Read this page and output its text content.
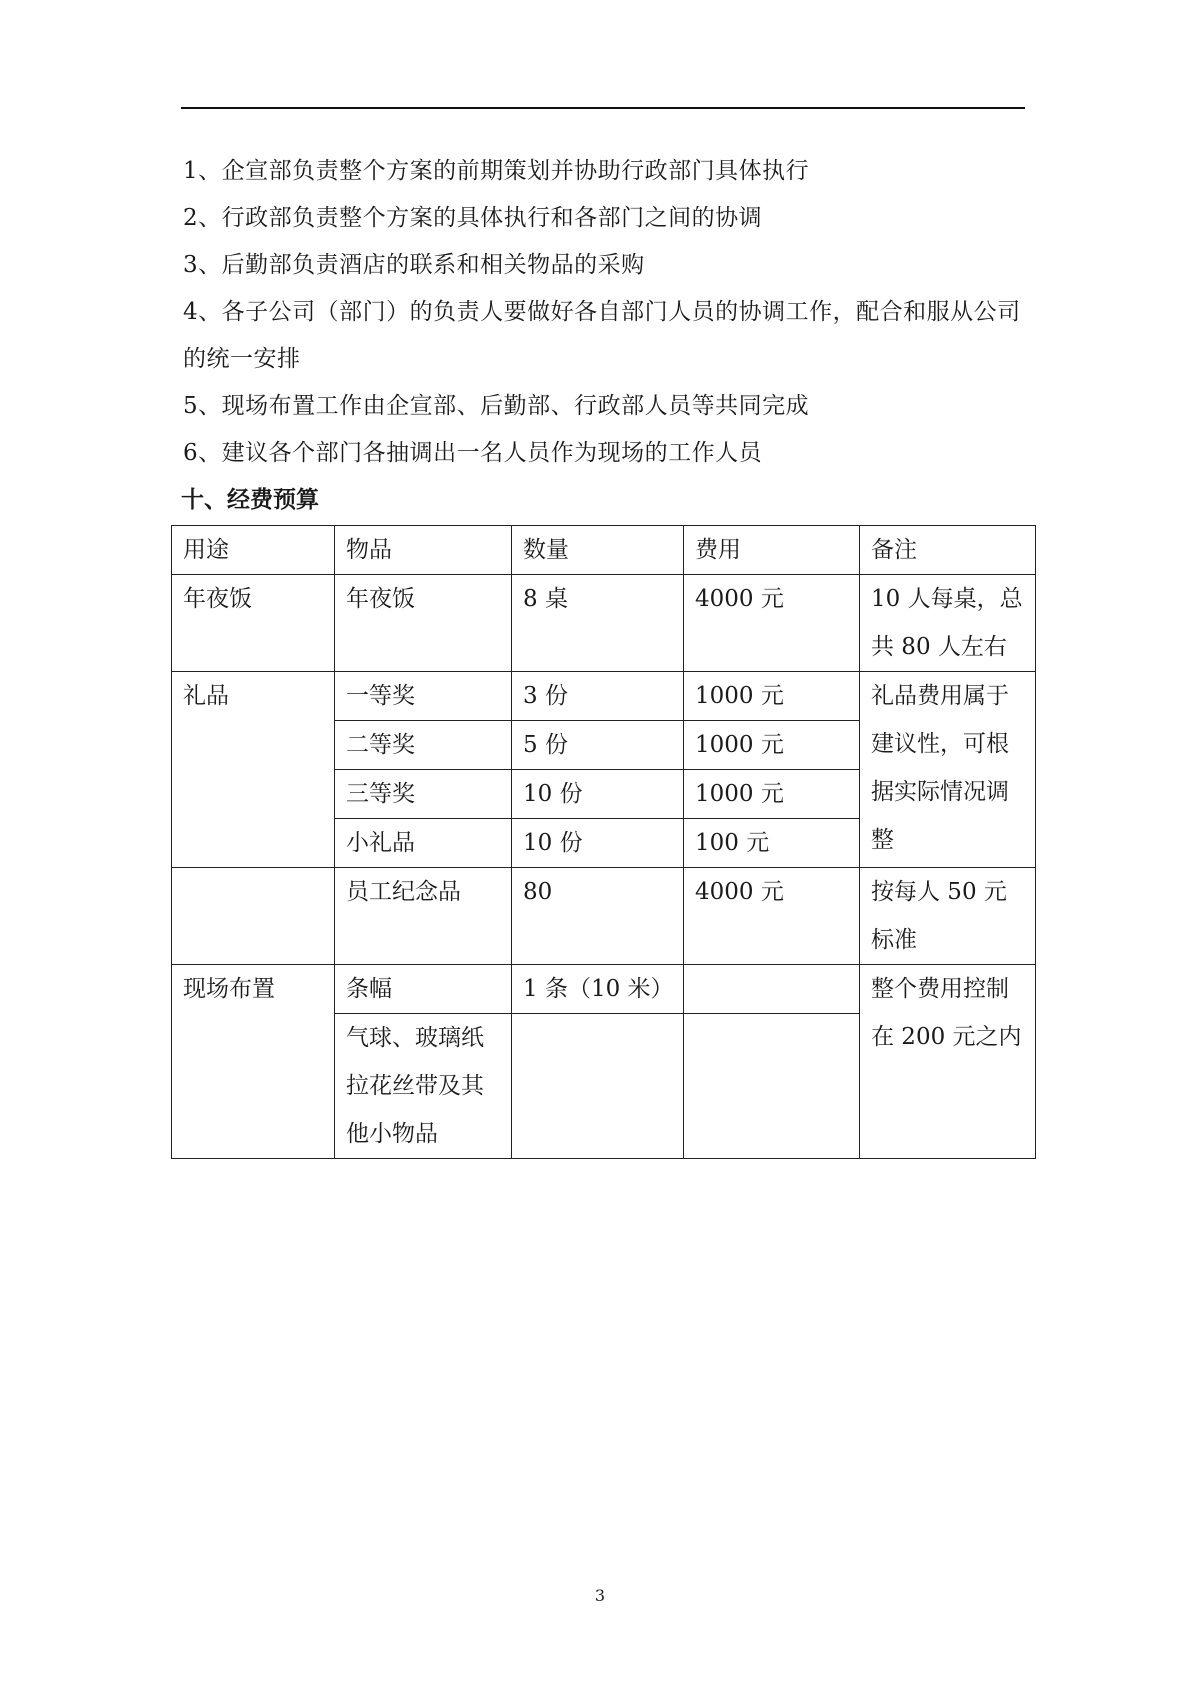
1、企宣部负责整个方案的前期策划并协助行政部门具体执行

2、行政部负责整个方案的具体执行和各部门之间的协调

3、后勤部负责酒店的联系和相关物品的采购

4、各子公司（部门）的负责人要做好各自部门人员的协调工作，配合和服从公司的统一安排

5、现场布置工作由企宣部、后勤部、行政部人员等共同完成

6、建议各个部门各抽调出一名人员作为现场的工作人员

十、经费预算
用途	物品	数量	费用	备注
年夜饭	年夜饭	8 桌	4000 元	10 人每桌，总共 80 人左右
礼品	一等奖	3 份	1000 元	礼品费用属于建议性，可根据实际情况调整
	二等奖	5 份	1000 元	
	三等奖	10 份	1000 元	
	小礼品	10 份	100 元	
	员工纪念品	80	4000 元	按每人 50 元标准
现场布置	条幅	1 条（10 米）		整个费用控制在 200 元之内
	气球、玻璃纸拉花丝带及其他小物品			
3
